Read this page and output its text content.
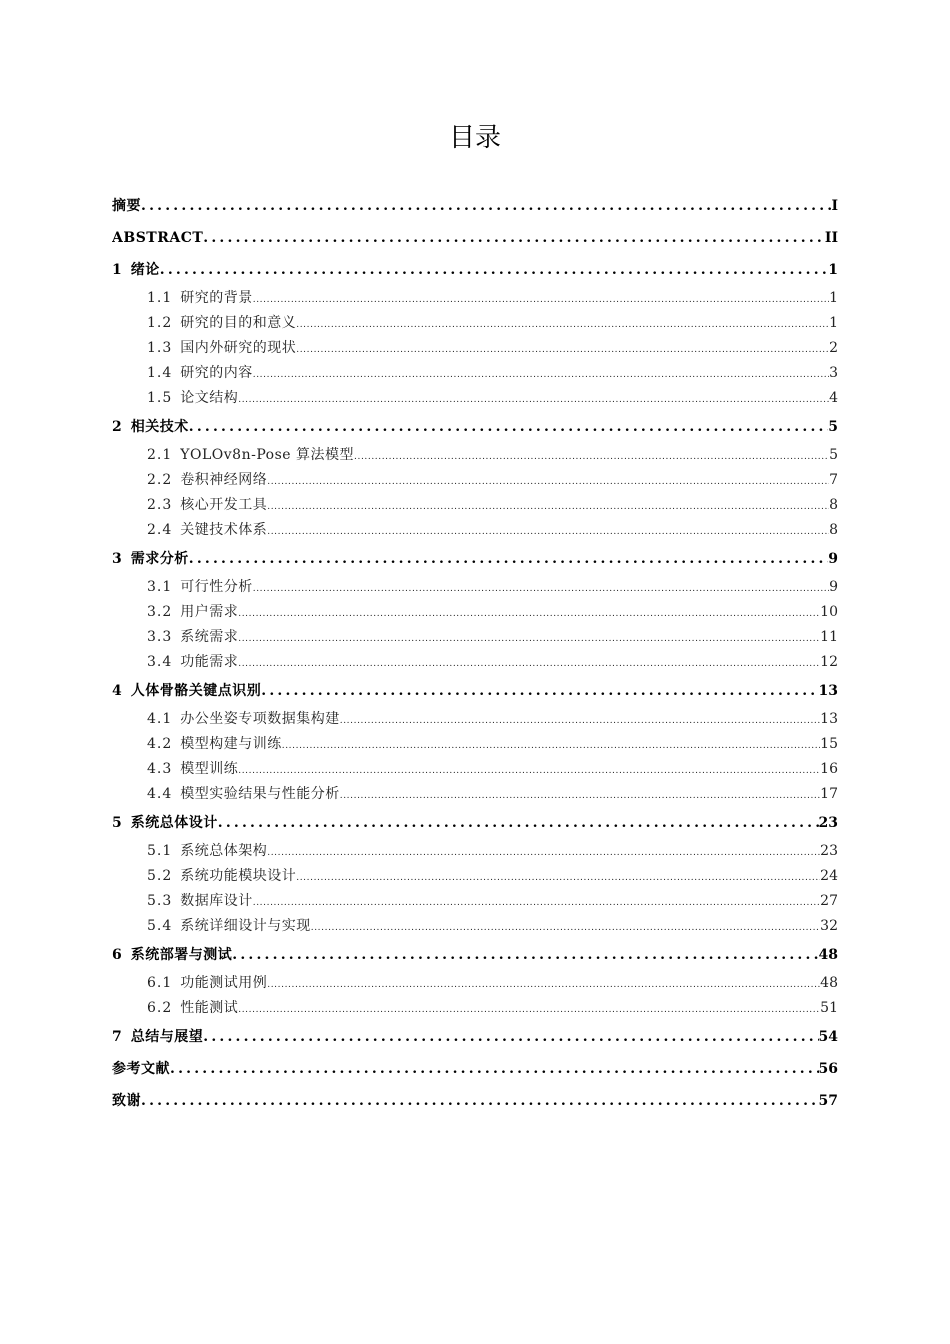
目录
摘要 .....	I
ABSTRACT .....	II
1 绪论 .....	1
1.1 研究的背景 .....	1
1.2 研究的目的和意义 .....	1
1.3 国内外研究的现状 .....	2
1.4 研究的内容 .....	3
1.5 论文结构 .....	4
2 相关技术 .....	5
2.1 YOLOv8n-Pose 算法模型 .....	5
2.2 卷积神经网络 .....	7
2.3 核心开发工具 .....	8
2.4 关键技术体系 .....	8
3 需求分析 .....	9
3.1 可行性分析 .....	9
3.2 用户需求 .....	10
3.3 系统需求 .....	11
3.4 功能需求 .....	12
4 人体骨骼关键点识别 .....	13
4.1 办公坐姿专项数据集构建 .....	13
4.2 模型构建与训练 .....	15
4.3 模型训练 .....	16
4.4 模型实验结果与性能分析 .....	17
5 系统总体设计 .....	23
5.1 系统总体架构 .....	23
5.2 系统功能模块设计 .....	24
5.3 数据库设计 .....	27
5.4 系统详细设计与实现 .....	32
6 系统部署与测试 .....	48
6.1 功能测试用例 .....	48
6.2 性能测试 .....	51
7 总结与展望 .....	54
参考文献 .....	56
致谢 .....	57
